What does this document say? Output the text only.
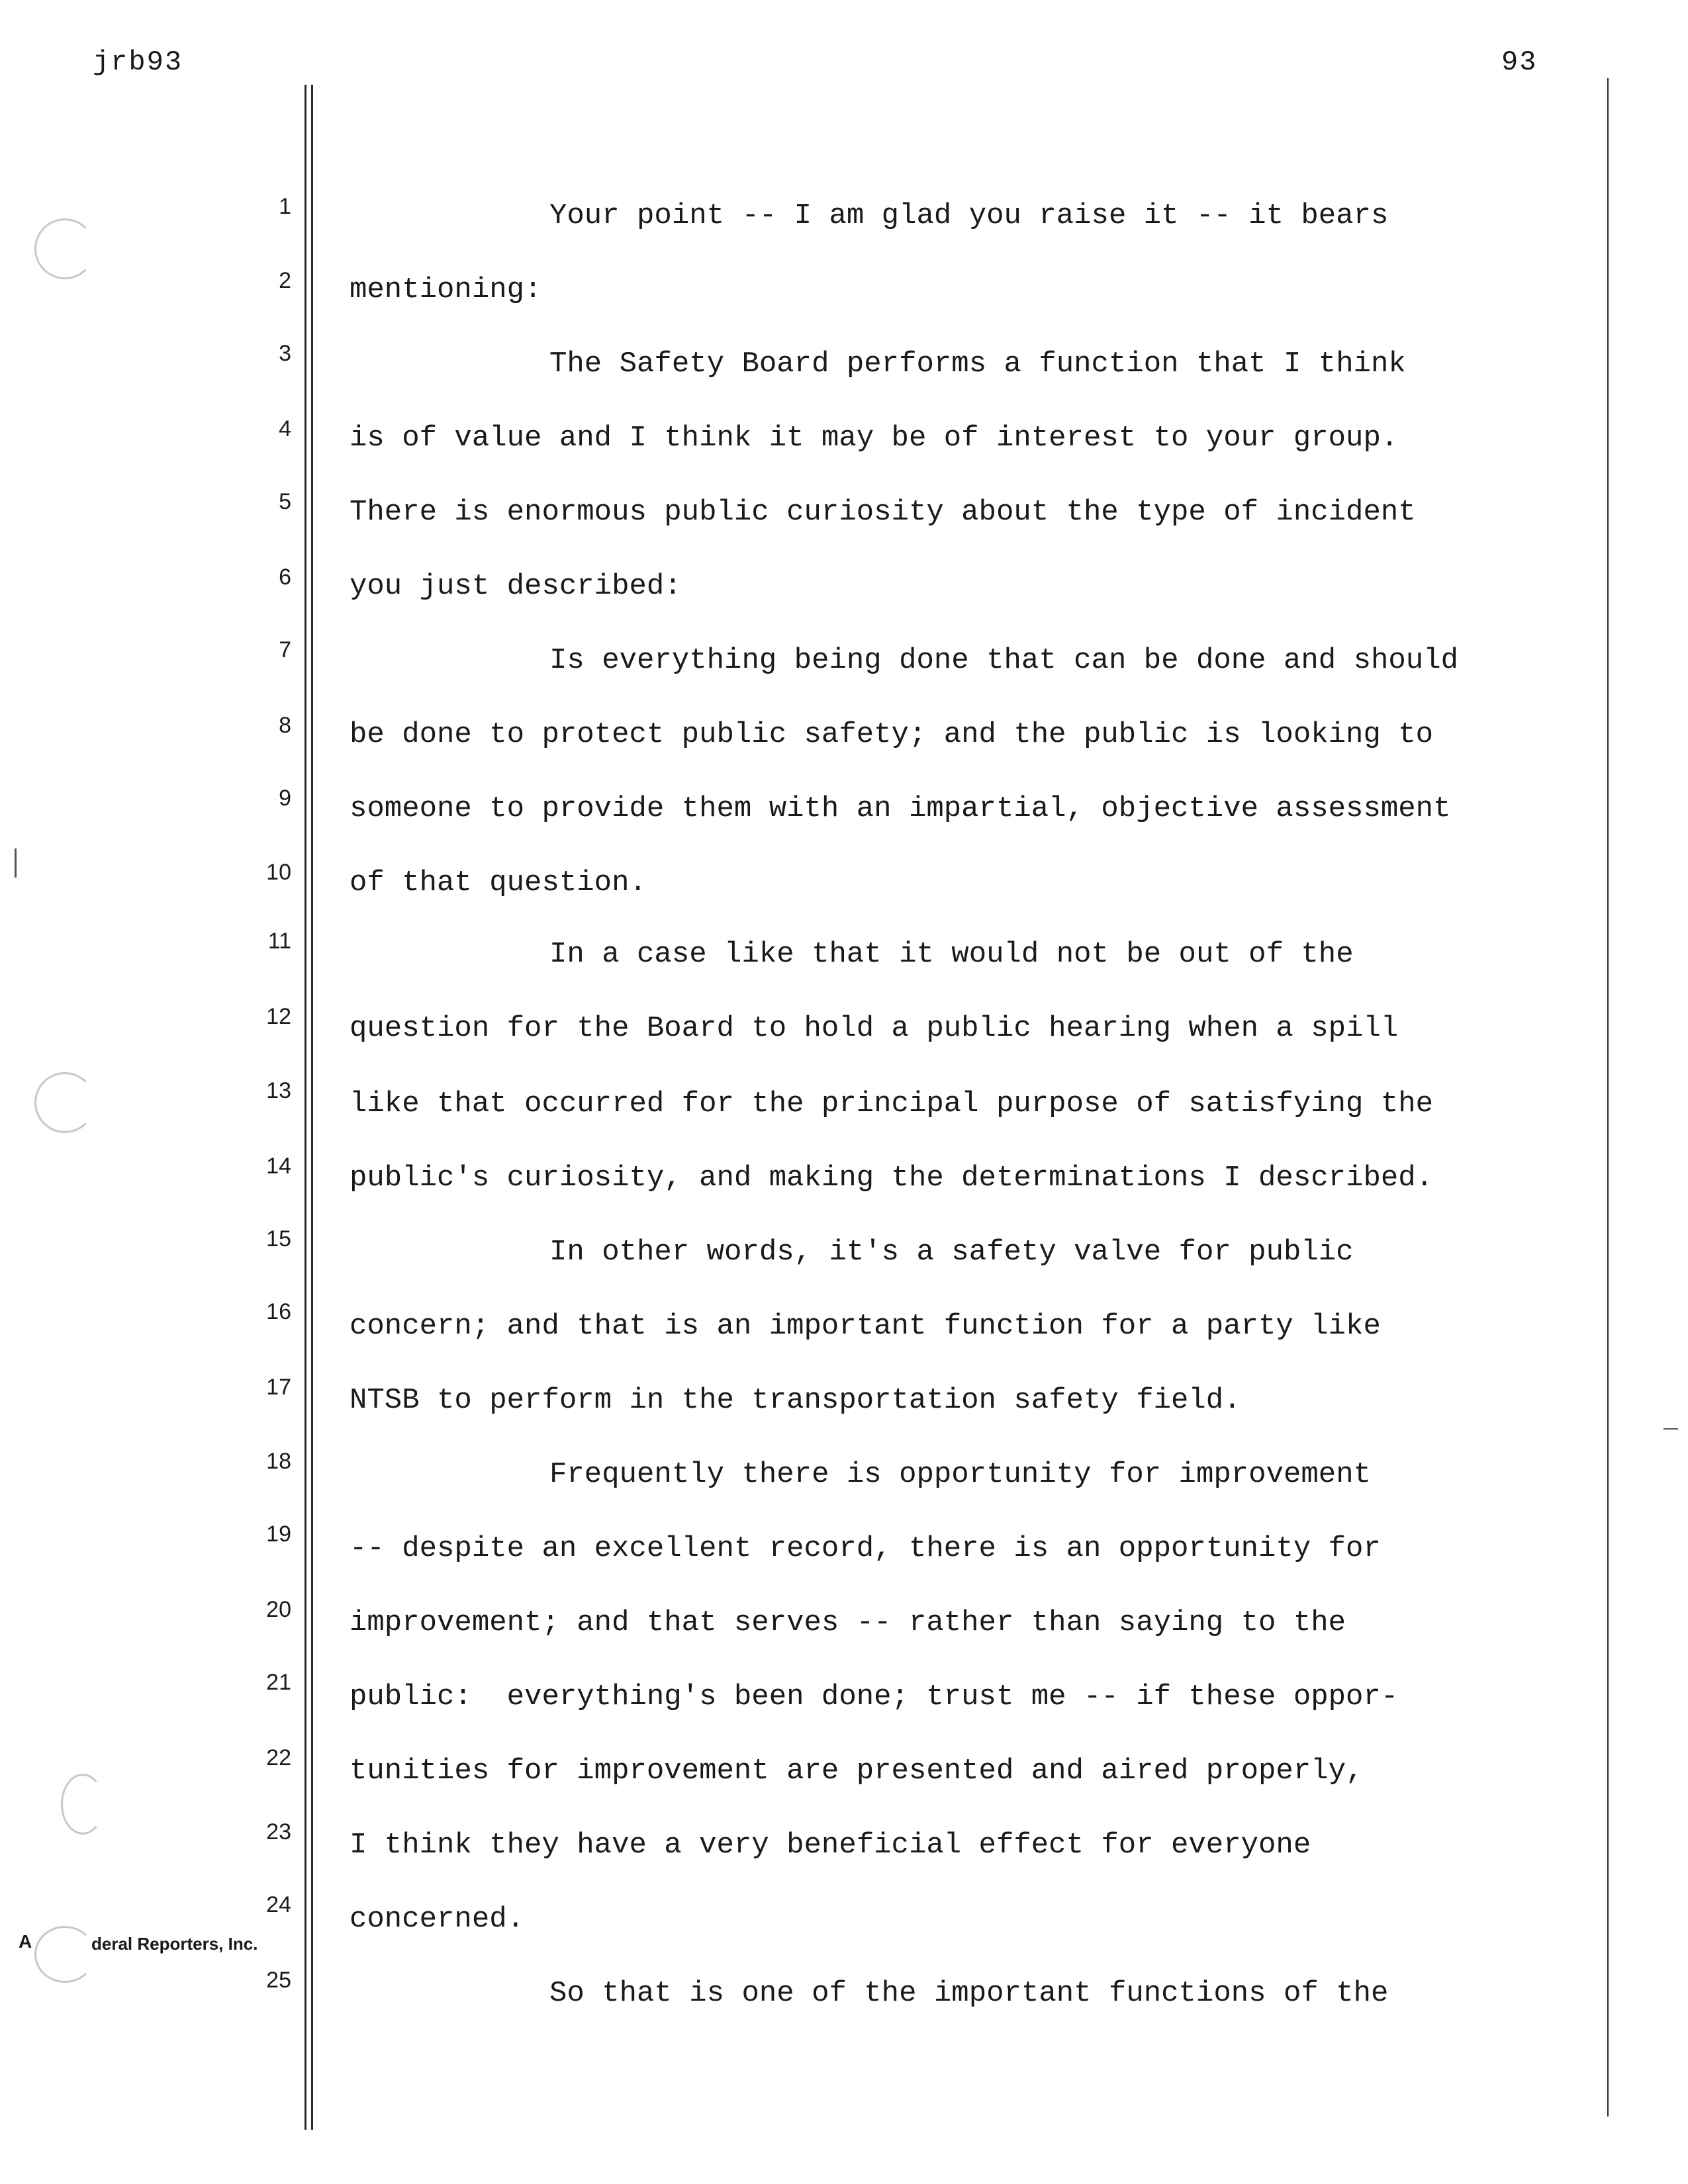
jrb93	93
1
2
3
4
5
6
7
8
9
10
11
12
13
14
15
16
17
18
19
20
21
22
23
24
25
Your point -- I am glad you raise it -- it bears
mentioning:
The Safety Board performs a function that I think
is of value and I think it may be of interest to your group.
There is enormous public curiosity about the type of incident
you just described:
Is everything being done that can be done and should
be done to protect public safety; and the public is looking to
someone to provide them with an impartial, objective assessment
of that question.
In a case like that it would not be out of the
question for the Board to hold a public hearing when a spill
like that occurred for the principal purpose of satisfying the
public's curiosity, and making the determinations I described.
In other words, it's a safety valve for public
concern; and that is an important function for a party like
NTSB to perform in the transportation safety field.
Frequently there is opportunity for improvement
-- despite an excellent record, there is an opportunity for
improvement; and that serves -- rather than saying to the
public:  everything's been done; trust me -- if these oppor-
tunities for improvement are presented and aired properly,
I think they have a very beneficial effect for everyone
concerned.
So that is one of the important functions of the
A	deral Reporters, Inc.
